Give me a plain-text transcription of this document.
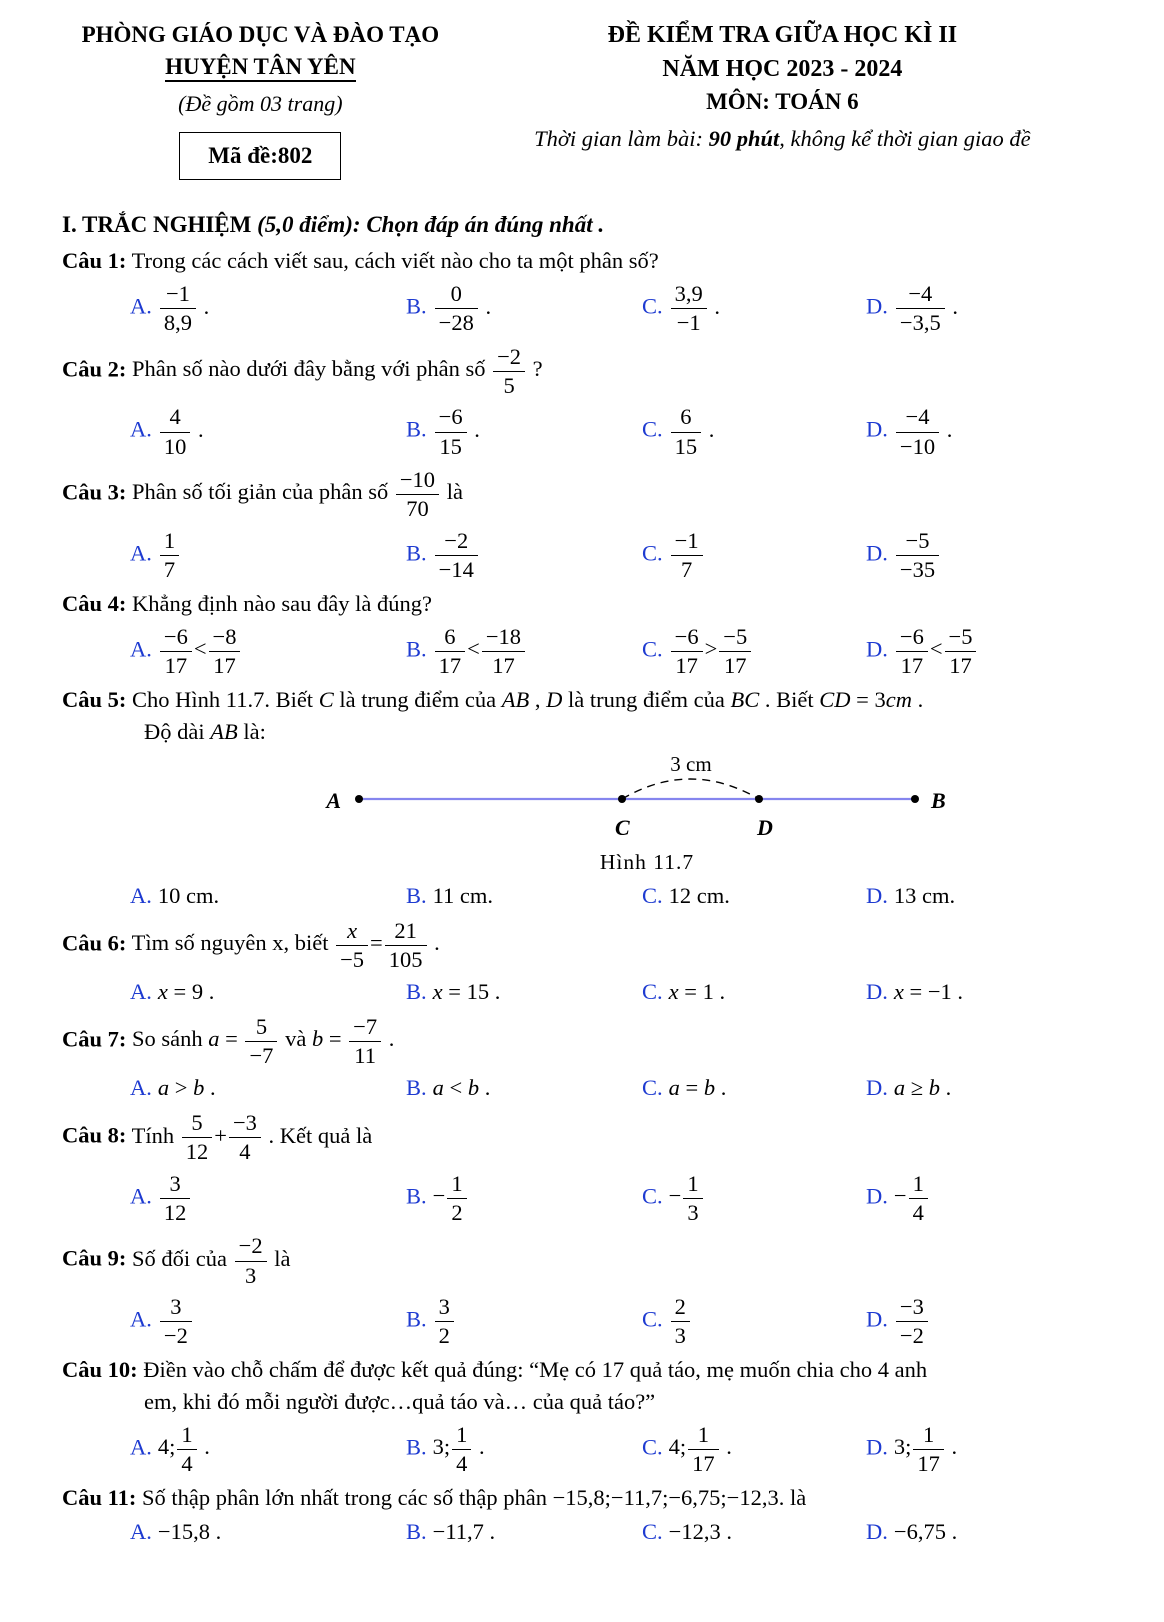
PHÒNG GIÁO DỤC VÀ ĐÀO TẠO
HUYỆN TÂN YÊN
(Đề gồm 03 trang)
Mã đề:802
ĐỀ KIỂM TRA GIỮA HỌC KÌ II
NĂM HỌC 2023 - 2024
MÔN: TOÁN 6
Thời gian làm bài: 90 phút, không kể thời gian giao đề
I. TRẮC NGHIỆM (5,0 điểm): Chọn đáp án đúng nhất .
Câu 1: Trong các cách viết sau, cách viết nào cho ta một phân số?
A. $\frac{-1}{8,9}$ .	B. $\frac{0}{-28}$ .	C. $\frac{3,9}{-1}$ .	D. $\frac{-4}{-3,5}$ .
Câu 2: Phân số nào dưới đây bằng với phân số $\frac{-2}{5}$ ?
A. $\frac{4}{10}$ .	B. $\frac{-6}{15}$ .	C. $\frac{6}{15}$ .	D. $\frac{-4}{-10}$ .
Câu 3: Phân số tối giản của phân số $\frac{-10}{70}$ là
A. $\frac{1}{7}$	B. $\frac{-2}{-14}$	C. $\frac{-1}{7}$	D. $\frac{-5}{-35}$
Câu 4: Khẳng định nào sau đây là đúng?
A. $\frac{-6}{17} < \frac{-8}{17}$	B. $\frac{6}{17} < \frac{-18}{17}$	C. $\frac{-6}{17} > \frac{-5}{17}$	D. $\frac{-6}{17} < \frac{-5}{17}$
Câu 5: Cho Hình 11.7. Biết C là trung điểm của AB , D là trung điểm của BC . Biết CD = 3cm .
Độ dài AB là:
3 cm
A	B
C	D
Hình 11.7
A. 10 cm.	B. 11 cm.	C. 12 cm.	D. 13 cm.
Câu 6: Tìm số nguyên x, biết $\frac{x}{-5} = \frac{21}{105}$ .
A. x = 9 .	B. x = 15 .	C. x = 1 .	D. x = −1 .
Câu 7: So sánh $a = \frac{5}{-7}$ và $b = \frac{-7}{11}$ .
A. a > b .	B. a < b .	C. a = b .	D. a ≥ b .
Câu 8: Tính $\frac{5}{12} + \frac{-3}{4}$ . Kết quả là
A. $\frac{3}{12}$	B. − $\frac{1}{2}$	C. − $\frac{1}{3}$	D. − $\frac{1}{4}$
Câu 9: Số đối của $\frac{-2}{3}$ là
A. $\frac{3}{-2}$	B. $\frac{3}{2}$	C. $\frac{2}{3}$	D. $\frac{-3}{-2}$
Câu 10: Điền vào chỗ chấm để được kết quả đúng: “Mẹ có 17 quả táo, mẹ muốn chia cho 4 anh
em, khi đó mỗi người được…quả táo và… của quả táo?”
A. 4; $\frac{1}{4}$ .	B. 3; $\frac{1}{4}$ .	C. 4; $\frac{1}{17}$ .	D. 3; $\frac{1}{17}$ .
Câu 11: Số thập phân lớn nhất trong các số thập phân −15,8;−11,7;−6,75;−12,3. là
A. −15,8 .	B. −11,7 .	C. −12,3 .	D. −6,75 .
